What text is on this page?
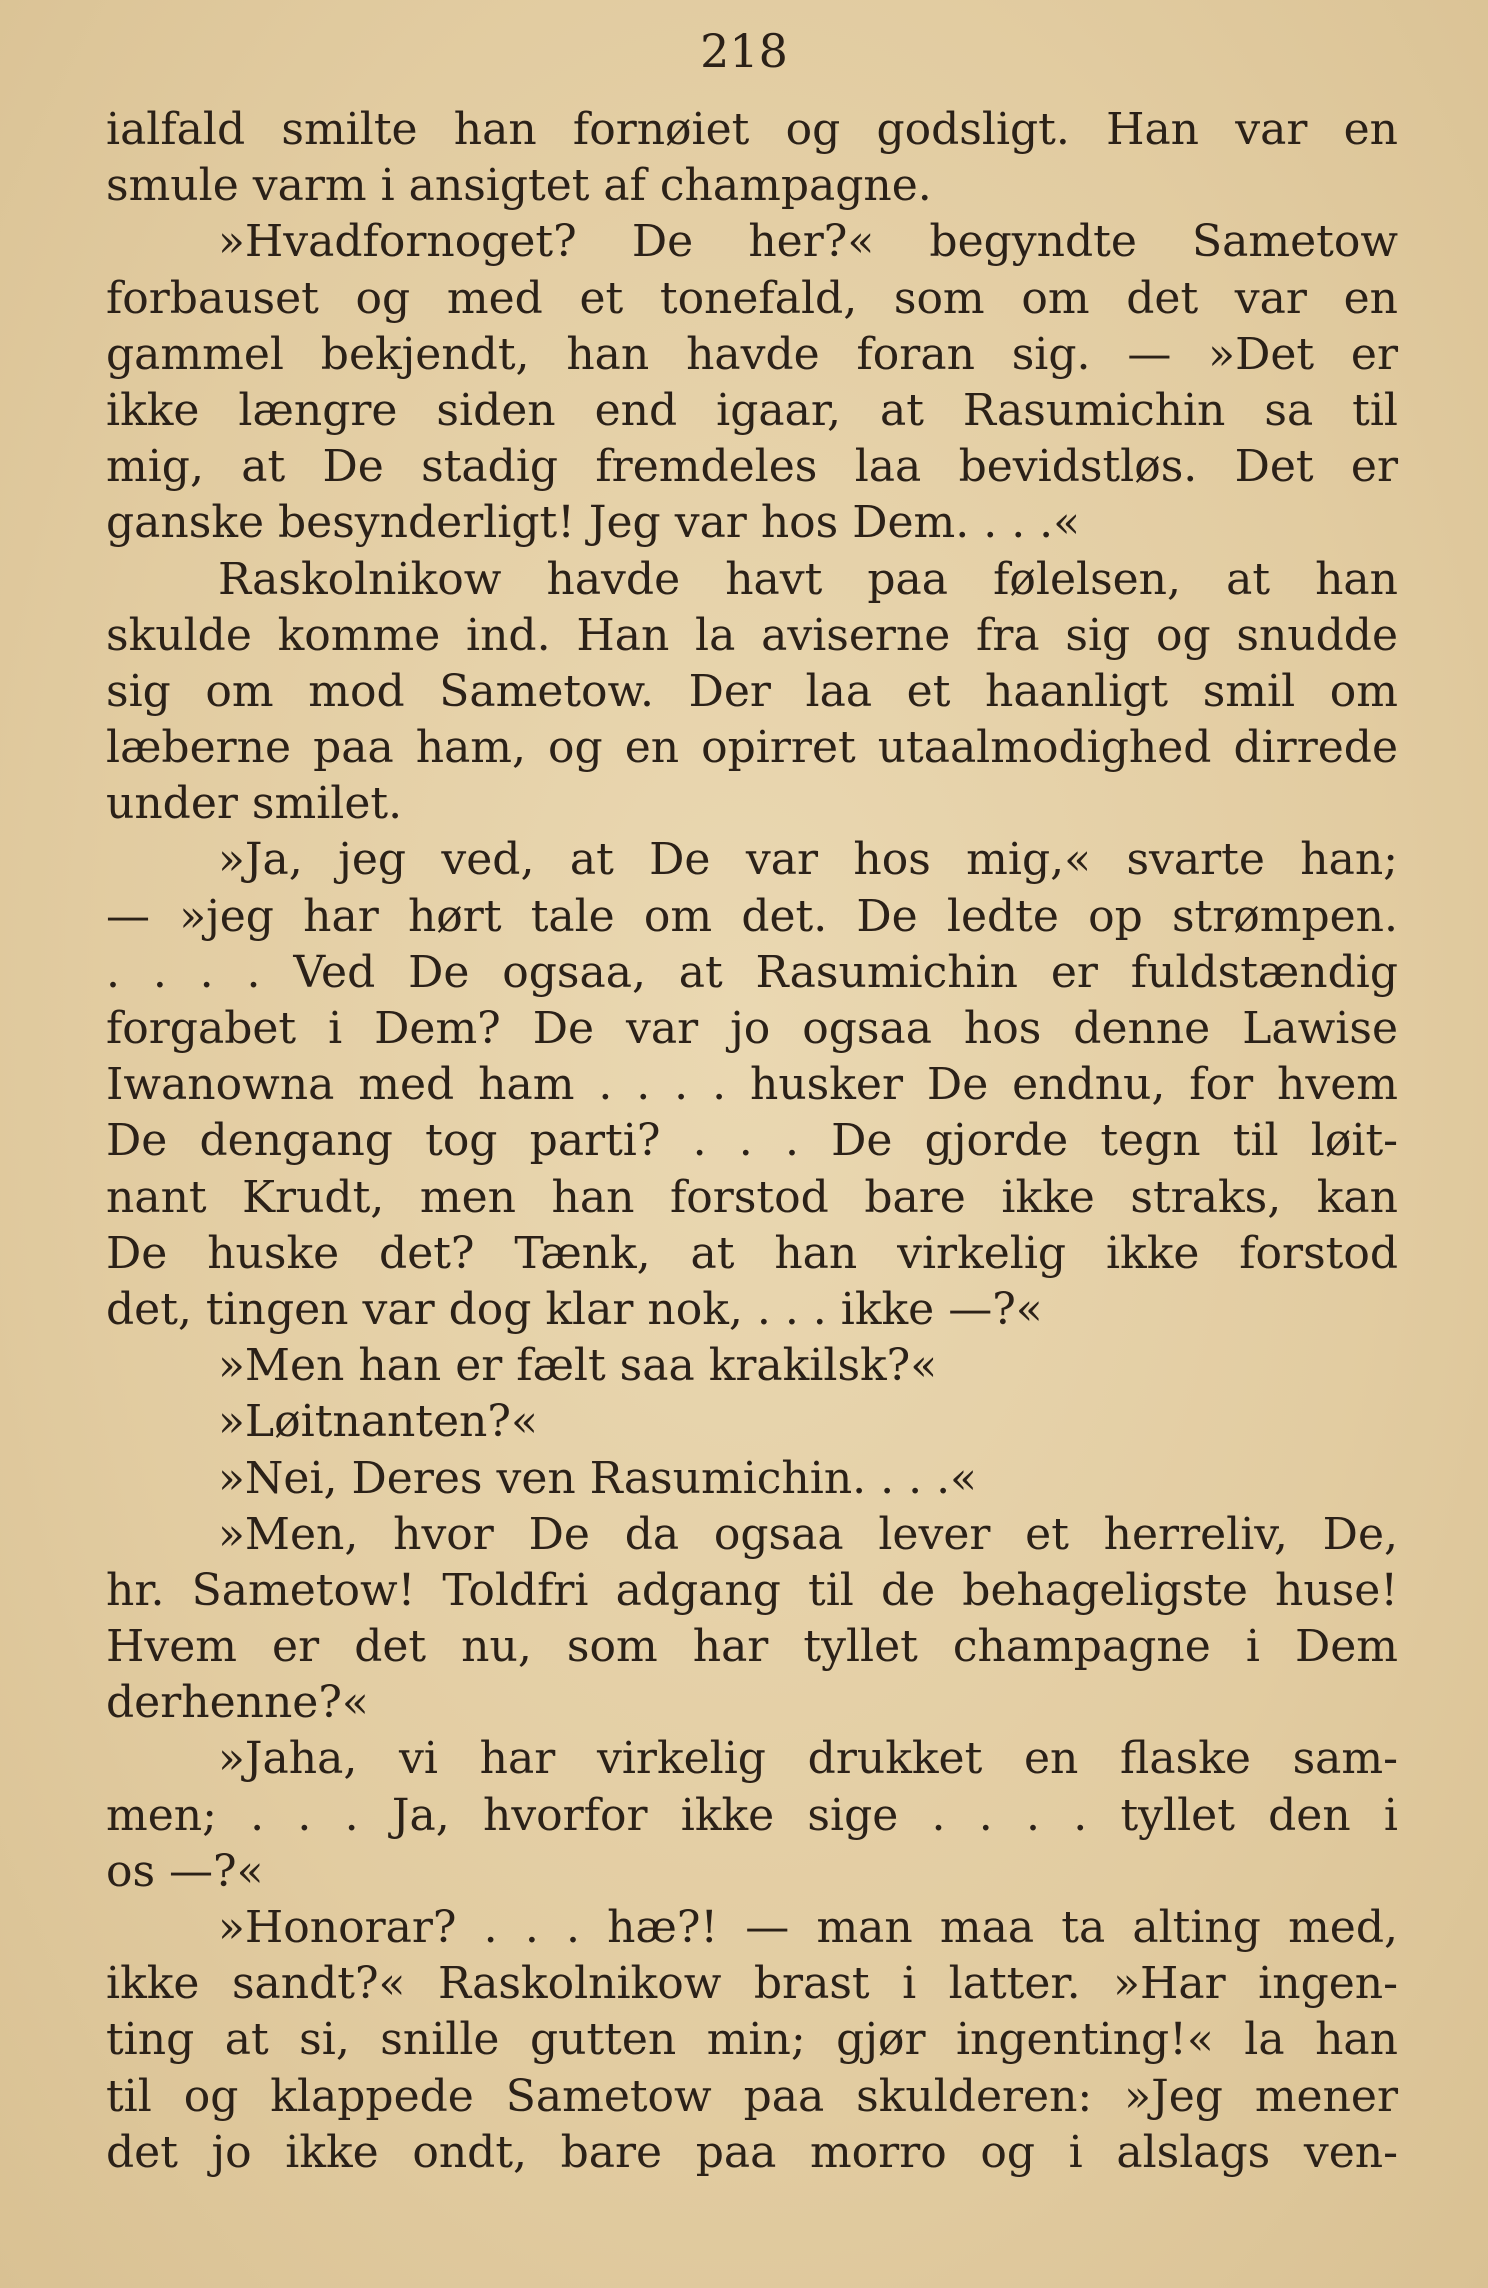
218
ialfald smilte han fornøiet og godsligt. Han var en
smule varm i ansigtet af champagne.
»Hvadfornoget? De her?« begyndte Sametow
forbauset og med et tonefald, som om det var en
gammel bekjendt, han havde foran sig. — »Det er
ikke længre siden end igaar, at Rasumichin sa til
mig, at De stadig fremdeles laa bevidstløs. Det er
ganske besynderligt! Jeg var hos Dem. . . .«
Raskolnikow havde havt paa følelsen, at han
skulde komme ind. Han la aviserne fra sig og snudde
sig om mod Sametow. Der laa et haanligt smil om
læberne paa ham, og en opirret utaalmodighed dirrede
under smilet.
»Ja, jeg ved, at De var hos mig,« svarte han;
— »jeg har hørt tale om det. De ledte op strømpen.
. . . . Ved De ogsaa, at Rasumichin er fuldstændig
forgabet i Dem? De var jo ogsaa hos denne Lawise
Iwanowna med ham . . . . husker De endnu, for hvem
De dengang tog parti? . . . De gjorde tegn til løit-
nant Krudt, men han forstod bare ikke straks, kan
De huske det? Tænk, at han virkelig ikke forstod
det, tingen var dog klar nok, . . . ikke —?«
»Men han er fælt saa krakilsk?«
»Løitnanten?«
»Nei, Deres ven Rasumichin. . . .«
»Men, hvor De da ogsaa lever et herreliv, De,
hr. Sametow! Toldfri adgang til de behageligste huse!
Hvem er det nu, som har tyllet champagne i Dem
derhenne?«
»Jaha, vi har virkelig drukket en flaske sam-
men; . . . Ja, hvorfor ikke sige . . . . tyllet den i
os —?«
»Honorar? . . . hæ?! — man maa ta alting med,
ikke sandt?« Raskolnikow brast i latter. »Har ingen-
ting at si, snille gutten min; gjør ingenting!« la han
til og klappede Sametow paa skulderen: »Jeg mener
det jo ikke ondt, bare paa morro og i alslags ven-
